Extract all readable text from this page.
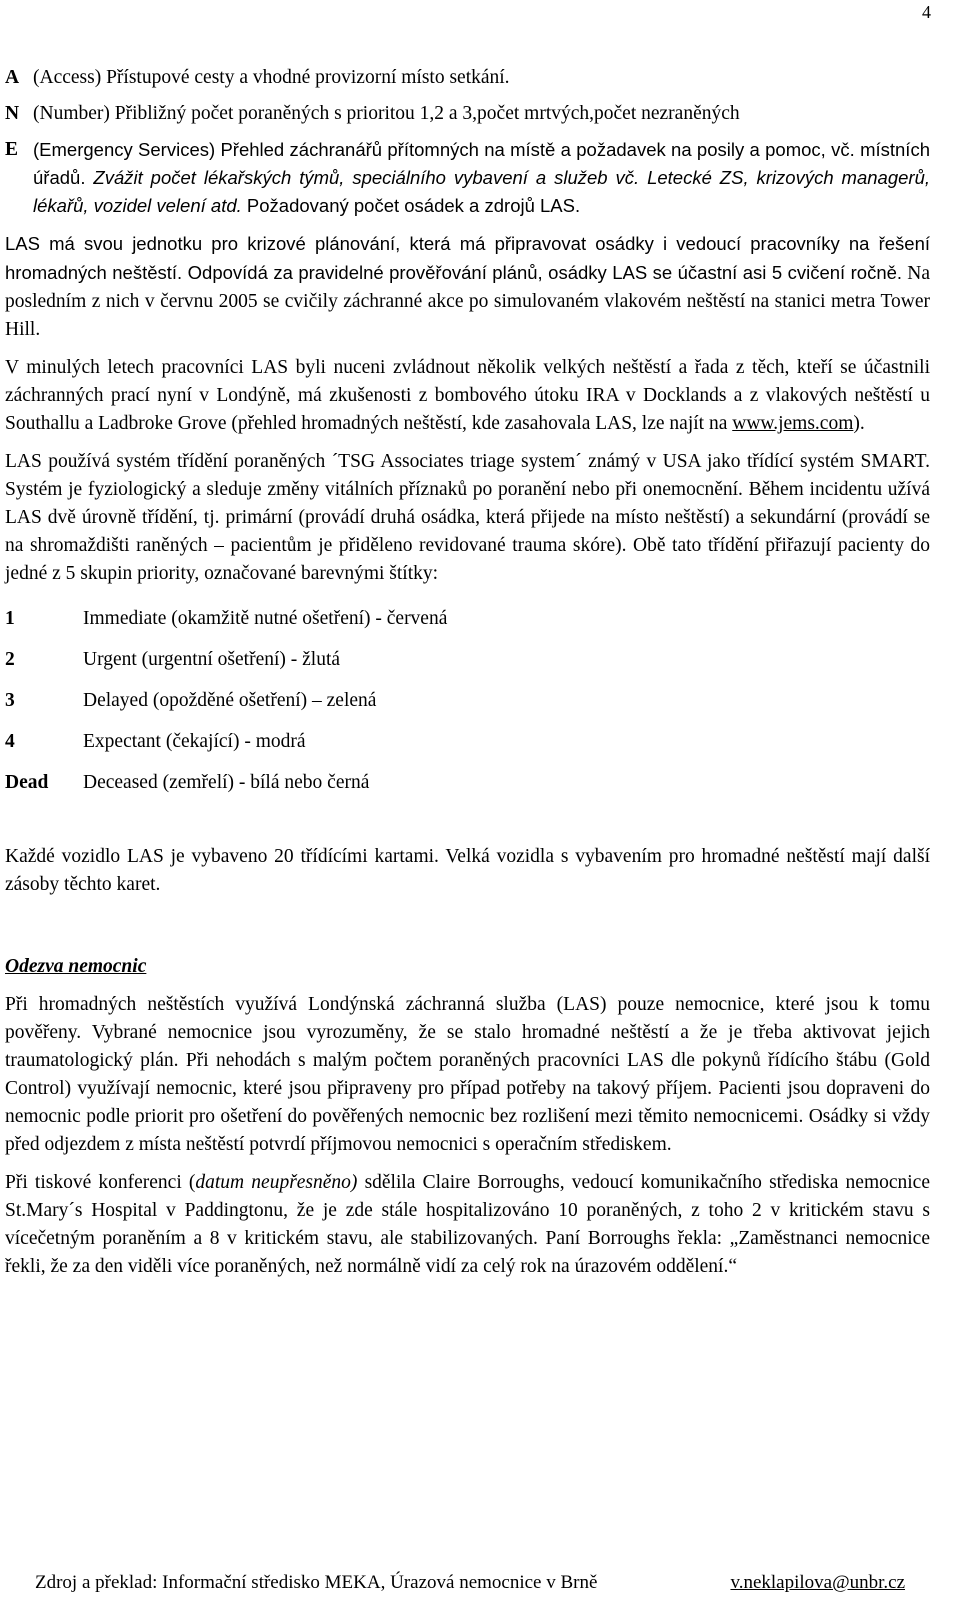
4
A (Access) Přístupové cesty a vhodné provizorní místo setkání.
N (Number) Přibližný počet poraněných s prioritou 1,2 a 3,počet mrtvých,počet nezraněných
E (Emergency Services) Přehled záchranářů přítomných na místě a požadavek na posily a pomoc, vč. místních úřadů. Zvážit počet lékařských týmů, speciálního vybavení a služeb vč. Letecké ZS, krizových managerů, lékařů, vozidel velení atd. Požadovaný počet osádek a zdrojů LAS.

LAS má svou jednotku pro krizové plánování, která má připravovat osádky i vedoucí pracovníky na řešení hromadných neštěstí. Odpovídá za pravidelné prověřování plánů, osádky LAS se účastní asi 5 cvičení ročně. Na posledním z nich v červnu 2005 se cvičily záchranné akce po simulovaném vlakovém neštěstí na stanici metra Tower Hill.

V minulých letech pracovníci LAS byli nuceni zvládnout několik velkých neštěstí a řada z těch, kteří se účastnili záchranných prací nyní v Londýně, má zkušenosti z bombového útoku IRA v Docklands a z vlakových neštěstí u Southallu a Ladbroke Grove (přehled hromadných neštěstí, kde zasahovala LAS, lze najít na www.jems.com).

LAS používá systém třídění poraněných ´TSG Associates triage system´ známý v USA jako třídící systém SMART. Systém je fyziologický a sleduje změny vitálních příznaků po poranění nebo při onemocnění. Během incidentu užívá LAS dvě úrovně třídění, tj. primární (provádí druhá osádka, která přijede na místo neštěstí) a sekundární (provádí se na shromaždišti raněných – pacientům je přiděleno revidované trauma skóre). Obě tato třídění přiřazují pacienty do jedné z 5 skupin priority, označované barevnými štítky:

1	Immediate (okamžitě nutné ošetření) - červená
2	Urgent (urgentní ošetření) - žlutá
3	Delayed (opožděné ošetření) – zelená
4	Expectant (čekající) - modrá
Dead	Deceased (zemřelí) - bílá nebo černá

Každé vozidlo LAS je vybaveno 20 třídícími kartami. Velká vozidla s vybavením pro hromadné neštěstí mají další zásoby těchto karet.

Odezva nemocnic

Při hromadných neštěstích využívá Londýnská záchranná služba (LAS) pouze nemocnice, které jsou k tomu pověřeny. Vybrané nemocnice jsou vyrozuměny, že se stalo hromadné neštěstí a že je třeba aktivovat jejich traumatologický plán. Při nehodách s malým počtem poraněných pracovníci LAS dle pokynů řídícího štábu (Gold Control) využívají nemocnic, které jsou připraveny pro případ potřeby na takový příjem. Pacienti jsou dopraveni do nemocnic podle priorit pro ošetření do pověřených nemocnic bez rozlišení mezi těmito nemocnicemi. Osádky si vždy před odjezdem z místa neštěstí potvrdí příjmovou nemocnici s operačním střediskem.

Při tiskové konferenci (datum neupřesněno) sdělila Claire Borroughs, vedoucí komunikačního střediska nemocnice St.Mary´s Hospital v Paddingtonu, že je zde stále hospitalizováno 10 poraněných, z toho 2 v kritickém stavu s vícečetným poraněním a 8 v kritickém stavu, ale stabilizovaných. Paní Borroughs řekla: „Zaměstnanci nemocnice řekli, že za den viděli více poraněných, než normálně vidí za celý rok na úrazovém oddělení.“

Zdroj a překlad: Informační středisko MEKA, Úrazová nemocnice v Brně	v.neklapilova@unbr.cz
